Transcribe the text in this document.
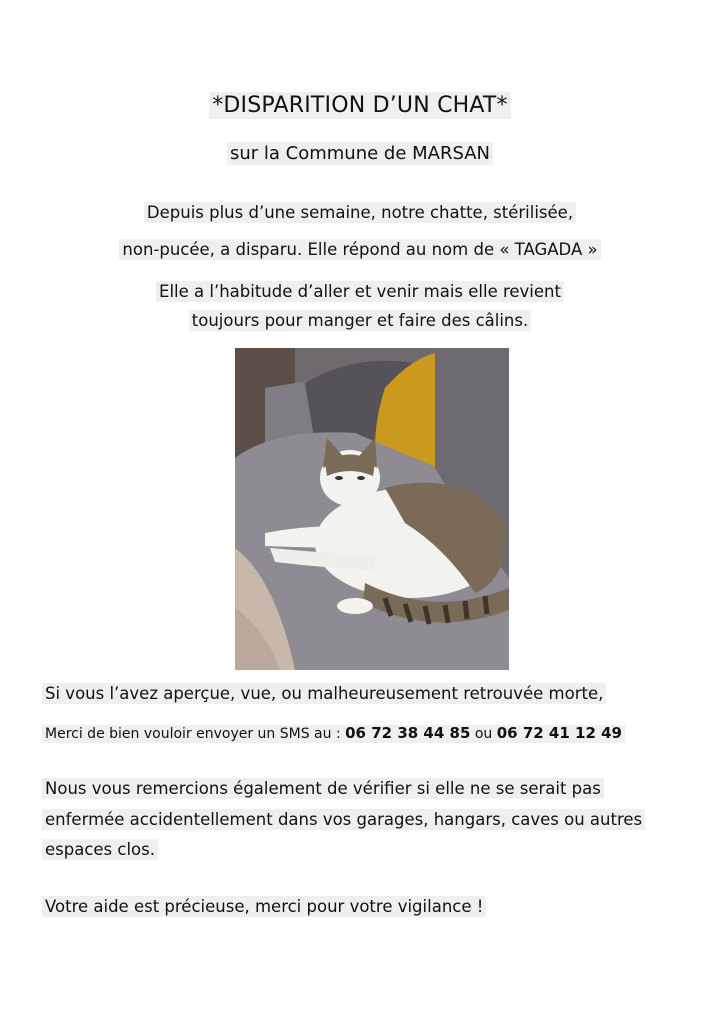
*DISPARITION D’UN CHAT*
sur la Commune de MARSAN
Depuis plus d’une semaine, notre chatte, stérilisée,
non-pucée, a disparu. Elle répond au nom de « TAGADA »
Elle a l’habitude d’aller et venir mais elle revient
toujours pour manger et faire des câlins.
Si vous l’avez aperçue, vue, ou malheureusement retrouvée morte,
Merci de bien vouloir envoyer un SMS au : 06 72 38 44 85 ou 06 72 41 12 49
Nous vous remercions également de vérifier si elle ne se serait pas
enfermée accidentellement dans vos garages, hangars, caves ou autres
espaces clos.
Votre aide est précieuse, merci pour votre vigilance !
